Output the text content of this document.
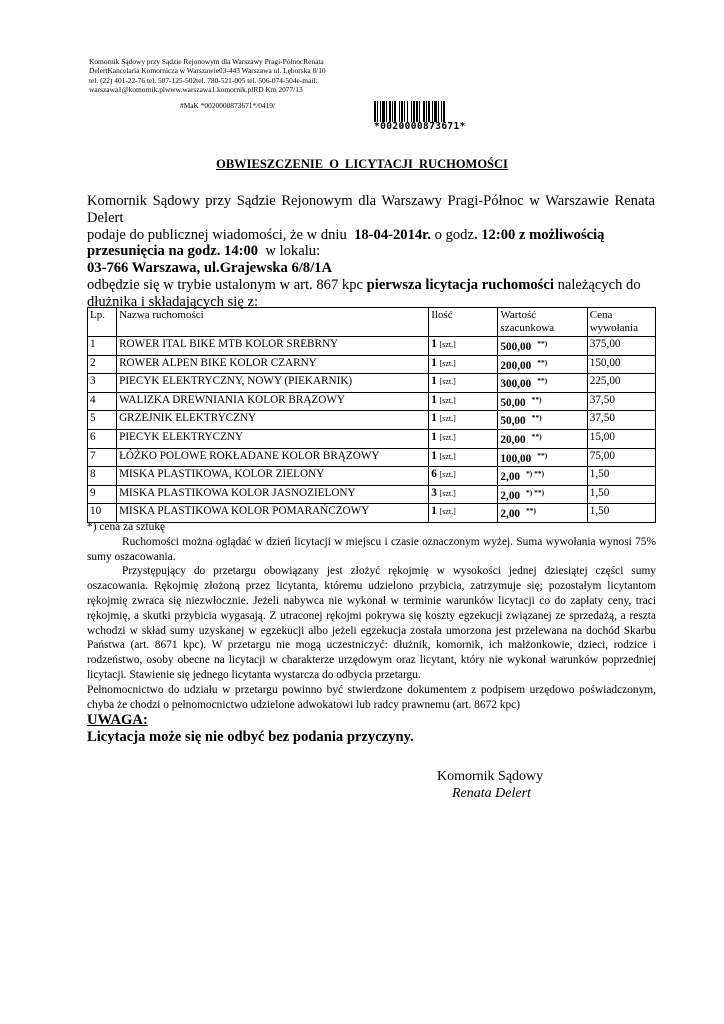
Komornik Sądowy przy Sądzie Rejonowym dla Warszawy Pragi-PółnocRenata
DelertKancelaria Komornicza w Warszawie03-443 Warszawa ul. Lęborska 8/10
tel. (22) 401-22-76 tel. 507-125-502tel. 780-521-005 tel. 506-074-504e-mail:
warszawa1@komornik.plwww.warszawa1.komornik.plRD Km 2077/13
#MaK *0020000873671*/0419/
*0020000873671*
OBWIESZCZENIE O LICYTACJI RUCHOMOŚCI
Komornik Sądowy przy Sądzie Rejonowym dla Warszawy Pragi-Północ w Warszawie Renata Delert
podaje do publicznej wiadomości, że w dniu 18-04-2014r. o godz. 12:00 z możliwością
przesunięcia na godz. 14:00 w lokalu:
03-766 Warszawa, ul.Grajewska 6/8/1A
odbędzie się w trybie ustalonym w art. 867 kpc pierwsza licytacja ruchomości należących do
dłużnika i składających się z:
Lp.	Nazwa ruchomości	Ilość	Wartość
szacunkowa	Cena
wywołania
1	ROWER ITAL BIKE MTB KOLOR SREBRNY	1 [szt.]	500,00 **)	375,00
2	ROWER ALPEN BIKE KOLOR CZARNY	1 [szt.]	200,00 **)	150,00
3	PIECYK ELEKTRYCZNY, NOWY (PIEKARNIK)	1 [szt.]	300,00 **)	225,00
4	WALIZKA DREWNIANIA KOLOR BRĄZOWY	1 [szt.]	50,00 **)	37,50
5	GRZEJNIK ELEKTRYCZNY	1 [szt.]	50,00 **)	37,50
6	PIECYK ELEKTRYCZNY	1 [szt.]	20,00 **)	15,00
7	ŁÓŻKO POLOWE ROKŁADANE KOLOR BRĄZOWY	1 [szt.]	100,00 **)	75,00
8	MISKA PLASTIKOWA, KOLOR ZIELONY	6 [szt.]	2,00 *) **)	1,50
9	MISKA PLASTIKOWA KOLOR JASNOZIELONY	3 [szt.]	2,00 *) **)	1,50
10	MISKA PLASTIKOWA KOLOR POMARAŃCZOWY	1 [szt.]	2,00 **)	1,50

*) cena za sztukę

Ruchomości można oglądać w dzień licytacji w miejscu i czasie oznaczonym wyżej. Suma wywołania wynosi 75% sumy oszacowania.

Przystępujący do przetargu obowiązany jest złożyć rękojmię w wysokości jednej dziesiątej części sumy oszacowania. Rękojmię złożoną przez licytanta, któremu udzielono przybicia, zatrzymuje się; pozostałym licytantom rękojmię zwraca się niezwłocznie. Jeżeli nabywca nie wykonał w terminie warunków licytacji co do zapłaty ceny, traci rękojmię, a skutki przybicia wygasają. Z utraconej rękojmi pokrywa się koszty egzekucji związanej ze sprzedażą, a reszta wchodzi w skład sumy uzyskanej w egzekucji albo jeżeli egzekucja została umorzona jest przelewana na dochód Skarbu Państwa (art. 8671 kpc). W przetargu nie mogą uczestniczyć: dłużnik, komornik, ich małżonkowie, dzieci, rodzice i rodzeństwo, osoby obecne na licytacji w charakterze urzędowym oraz licytant, który nie wykonał warunków poprzedniej licytacji. Stawienie się jednego licytanta wystarcza do odbycia przetargu.

Pełnomocnictwo do udziału w przetargu powinno być stwierdzone dokumentem z podpisem urzędowo poświadczonym, chyba że chodzi o pełnomocnictwo udzielone adwokatowi lub radcy prawnemu (art. 8672 kpc)

UWAGA:

Licytacja może się nie odbyć bez podania przyczyny.

Komornik Sądowy
Renata Delert
